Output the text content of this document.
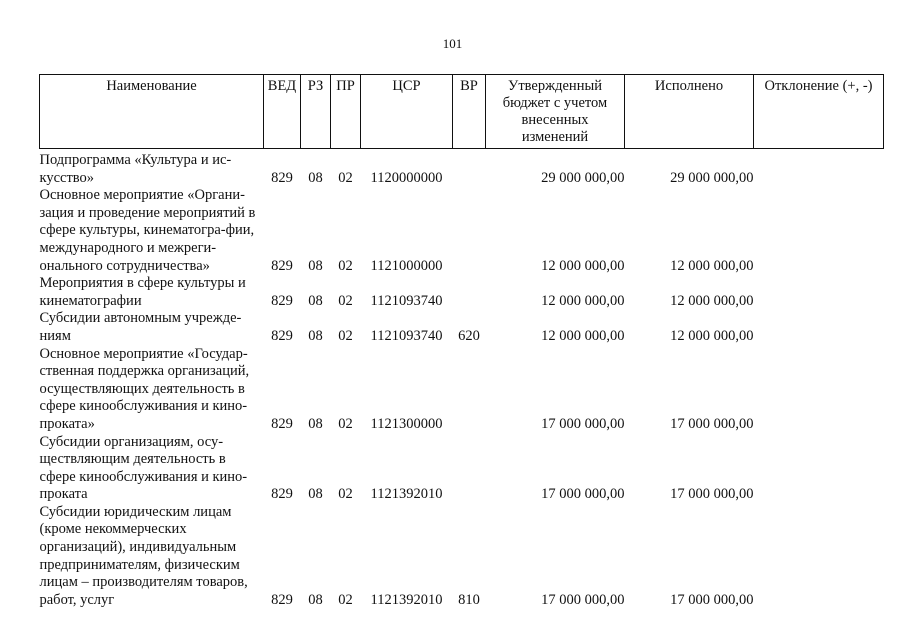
101
Наименование	ВЕД	РЗ	ПР	ЦСР	ВР	Утвержденный бюджет с учетом внесенных изменений	Исполнено	Отклонение (+, -)
Подпрограмма «Культура и ис-кусство»	829	08	02	1120000000		29 000 000,00	29 000 000,00	
Основное мероприятие «Органи-зация и проведение мероприятий в сфере культуры, кинематогра-фии, международного и межреги-онального сотрудничества»	829	08	02	1121000000		12 000 000,00	12 000 000,00	
Мероприятия в сфере культуры и кинематографии	829	08	02	1121093740		12 000 000,00	12 000 000,00	
Субсидии автономным учрежде-ниям	829	08	02	1121093740	620	12 000 000,00	12 000 000,00	
Основное мероприятие «Государ-ственная поддержка организаций, осуществляющих деятельность в сфере кинообслуживания и кино-проката»	829	08	02	1121300000		17 000 000,00	17 000 000,00	
Субсидии организациям, осу-ществляющим деятельность в сфере кинообслуживания и кино-проката	829	08	02	1121392010		17 000 000,00	17 000 000,00	
Субсидии юридическим лицам (кроме некоммерческих организаций), индивидуальным предпринимателям, физическим лицам – производителям товаров, работ, услуг	829	08	02	1121392010	810	17 000 000,00	17 000 000,00	
